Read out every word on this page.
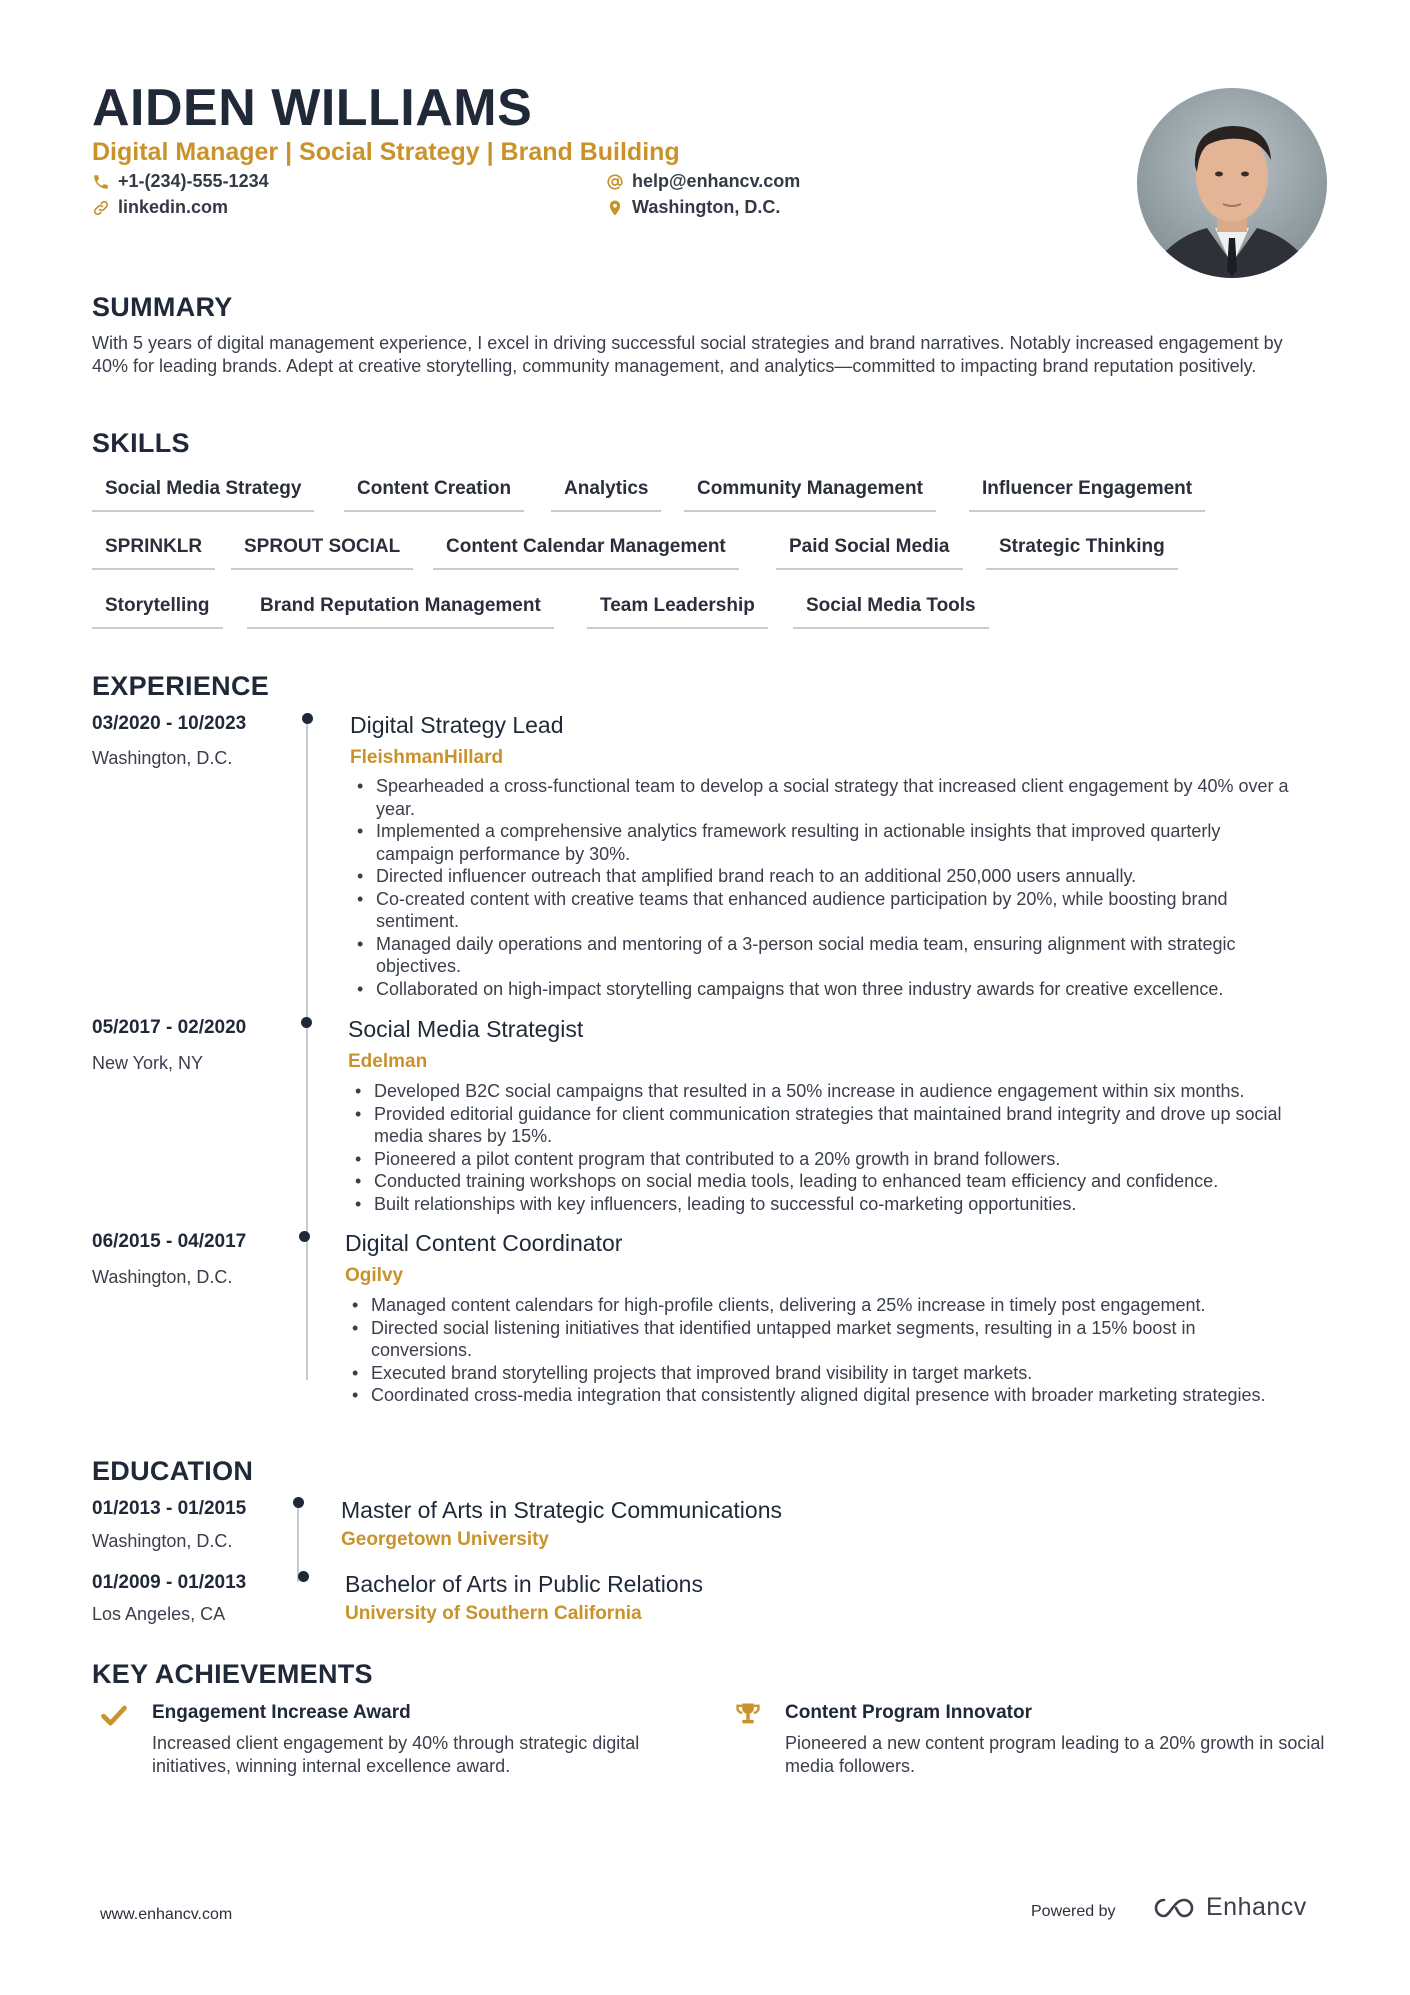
AIDEN WILLIAMS
Digital Manager | Social Strategy | Brand Building
+1-(234)-555-1234
linkedin.com
help@enhancv.com
Washington, D.C.
SUMMARY
With 5 years of digital management experience, I excel in driving successful social strategies and brand narratives. Notably increased engagement by 40% for leading brands. Adept at creative storytelling, community management, and analytics—committed to impacting brand reputation positively.
SKILLS
Social Media Strategy	Content Creation	Analytics	Community Management	Influencer Engagement
SPRINKLR	SPROUT SOCIAL	Content Calendar Management	Paid Social Media	Strategic Thinking
Storytelling	Brand Reputation Management	Team Leadership	Social Media Tools
EXPERIENCE
03/2020 - 10/2023
Washington, D.C.
Digital Strategy Lead
FleishmanHillard
• Spearheaded a cross-functional team to develop a social strategy that increased client engagement by 40% over a year.
• Implemented a comprehensive analytics framework resulting in actionable insights that improved quarterly campaign performance by 30%.
• Directed influencer outreach that amplified brand reach to an additional 250,000 users annually.
• Co-created content with creative teams that enhanced audience participation by 20%, while boosting brand sentiment.
• Managed daily operations and mentoring of a 3-person social media team, ensuring alignment with strategic objectives.
• Collaborated on high-impact storytelling campaigns that won three industry awards for creative excellence.
05/2017 - 02/2020
New York, NY
Social Media Strategist
Edelman
• Developed B2C social campaigns that resulted in a 50% increase in audience engagement within six months.
• Provided editorial guidance for client communication strategies that maintained brand integrity and drove up social media shares by 15%.
• Pioneered a pilot content program that contributed to a 20% growth in brand followers.
• Conducted training workshops on social media tools, leading to enhanced team efficiency and confidence.
• Built relationships with key influencers, leading to successful co-marketing opportunities.
06/2015 - 04/2017
Washington, D.C.
Digital Content Coordinator
Ogilvy
• Managed content calendars for high-profile clients, delivering a 25% increase in timely post engagement.
• Directed social listening initiatives that identified untapped market segments, resulting in a 15% boost in conversions.
• Executed brand storytelling projects that improved brand visibility in target markets.
• Coordinated cross-media integration that consistently aligned digital presence with broader marketing strategies.
EDUCATION
01/2013 - 01/2015
Washington, D.C.
Master of Arts in Strategic Communications
Georgetown University
01/2009 - 01/2013
Los Angeles, CA
Bachelor of Arts in Public Relations
University of Southern California
KEY ACHIEVEMENTS
Engagement Increase Award
Increased client engagement by 40% through strategic digital initiatives, winning internal excellence award.
Content Program Innovator
Pioneered a new content program leading to a 20% growth in social media followers.
www.enhancv.com	Powered by	Enhancv
